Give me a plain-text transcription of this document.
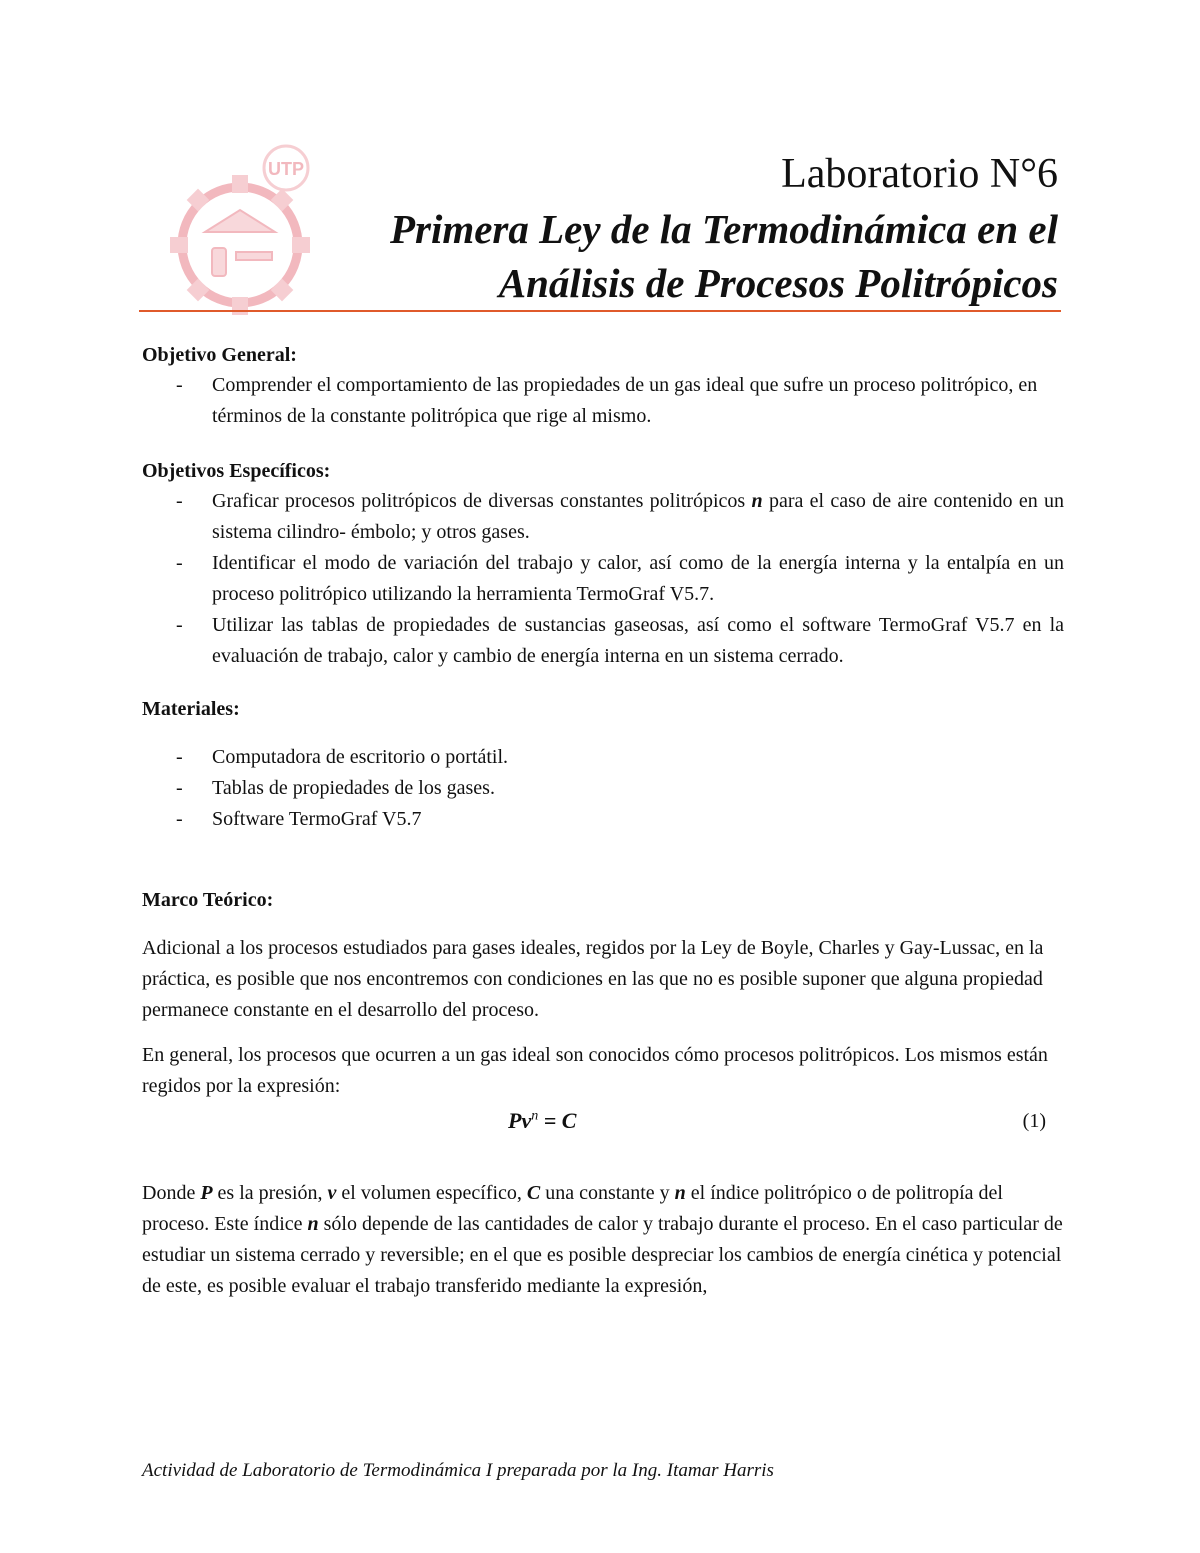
UTP	Laboratorio N°6
Primera Ley de la Termodinámica en el
Análisis de Procesos Politrópicos
Objetivo General:
- Comprender el comportamiento de las propiedades de un gas ideal que sufre un proceso politrópico, en términos de la constante politrópica que rige al mismo.
Objetivos Específicos:
- Graficar procesos politrópicos de diversas constantes politrópicos n para el caso de aire contenido en un sistema cilindro- émbolo; y otros gases.
- Identificar el modo de variación del trabajo y calor, así como de la energía interna y la entalpía en un proceso politrópico utilizando la herramienta TermoGraf V5.7.
- Utilizar las tablas de propiedades de sustancias gaseosas, así como el software TermoGraf V5.7 en la evaluación de trabajo, calor y cambio de energía interna en un sistema cerrado.
Materiales:
- Computadora de escritorio o portátil.
- Tablas de propiedades de los gases.
- Software TermoGraf V5.7
Marco Teórico:

Adicional a los procesos estudiados para gases ideales, regidos por la Ley de Boyle, Charles y Gay-Lussac, en la práctica, es posible que nos encontremos con condiciones en las que no es posible suponer que alguna propiedad permanece constante en el desarrollo del proceso.

En general, los procesos que ocurren a un gas ideal son conocidos cómo procesos politrópicos. Los mismos están regidos por la expresión:

$Pv^n = C$	(1)

Donde P es la presión, v el volumen específico, C una constante y n el índice politrópico o de politropía del proceso. Este índice n sólo depende de las cantidades de calor y trabajo durante el proceso. En el caso particular de estudiar un sistema cerrado y reversible; en el que es posible despreciar los cambios de energía cinética y potencial de este, es posible evaluar el trabajo transferido mediante la expresión,

Actividad de Laboratorio de Termodinámica I preparada por la Ing. Itamar Harris
